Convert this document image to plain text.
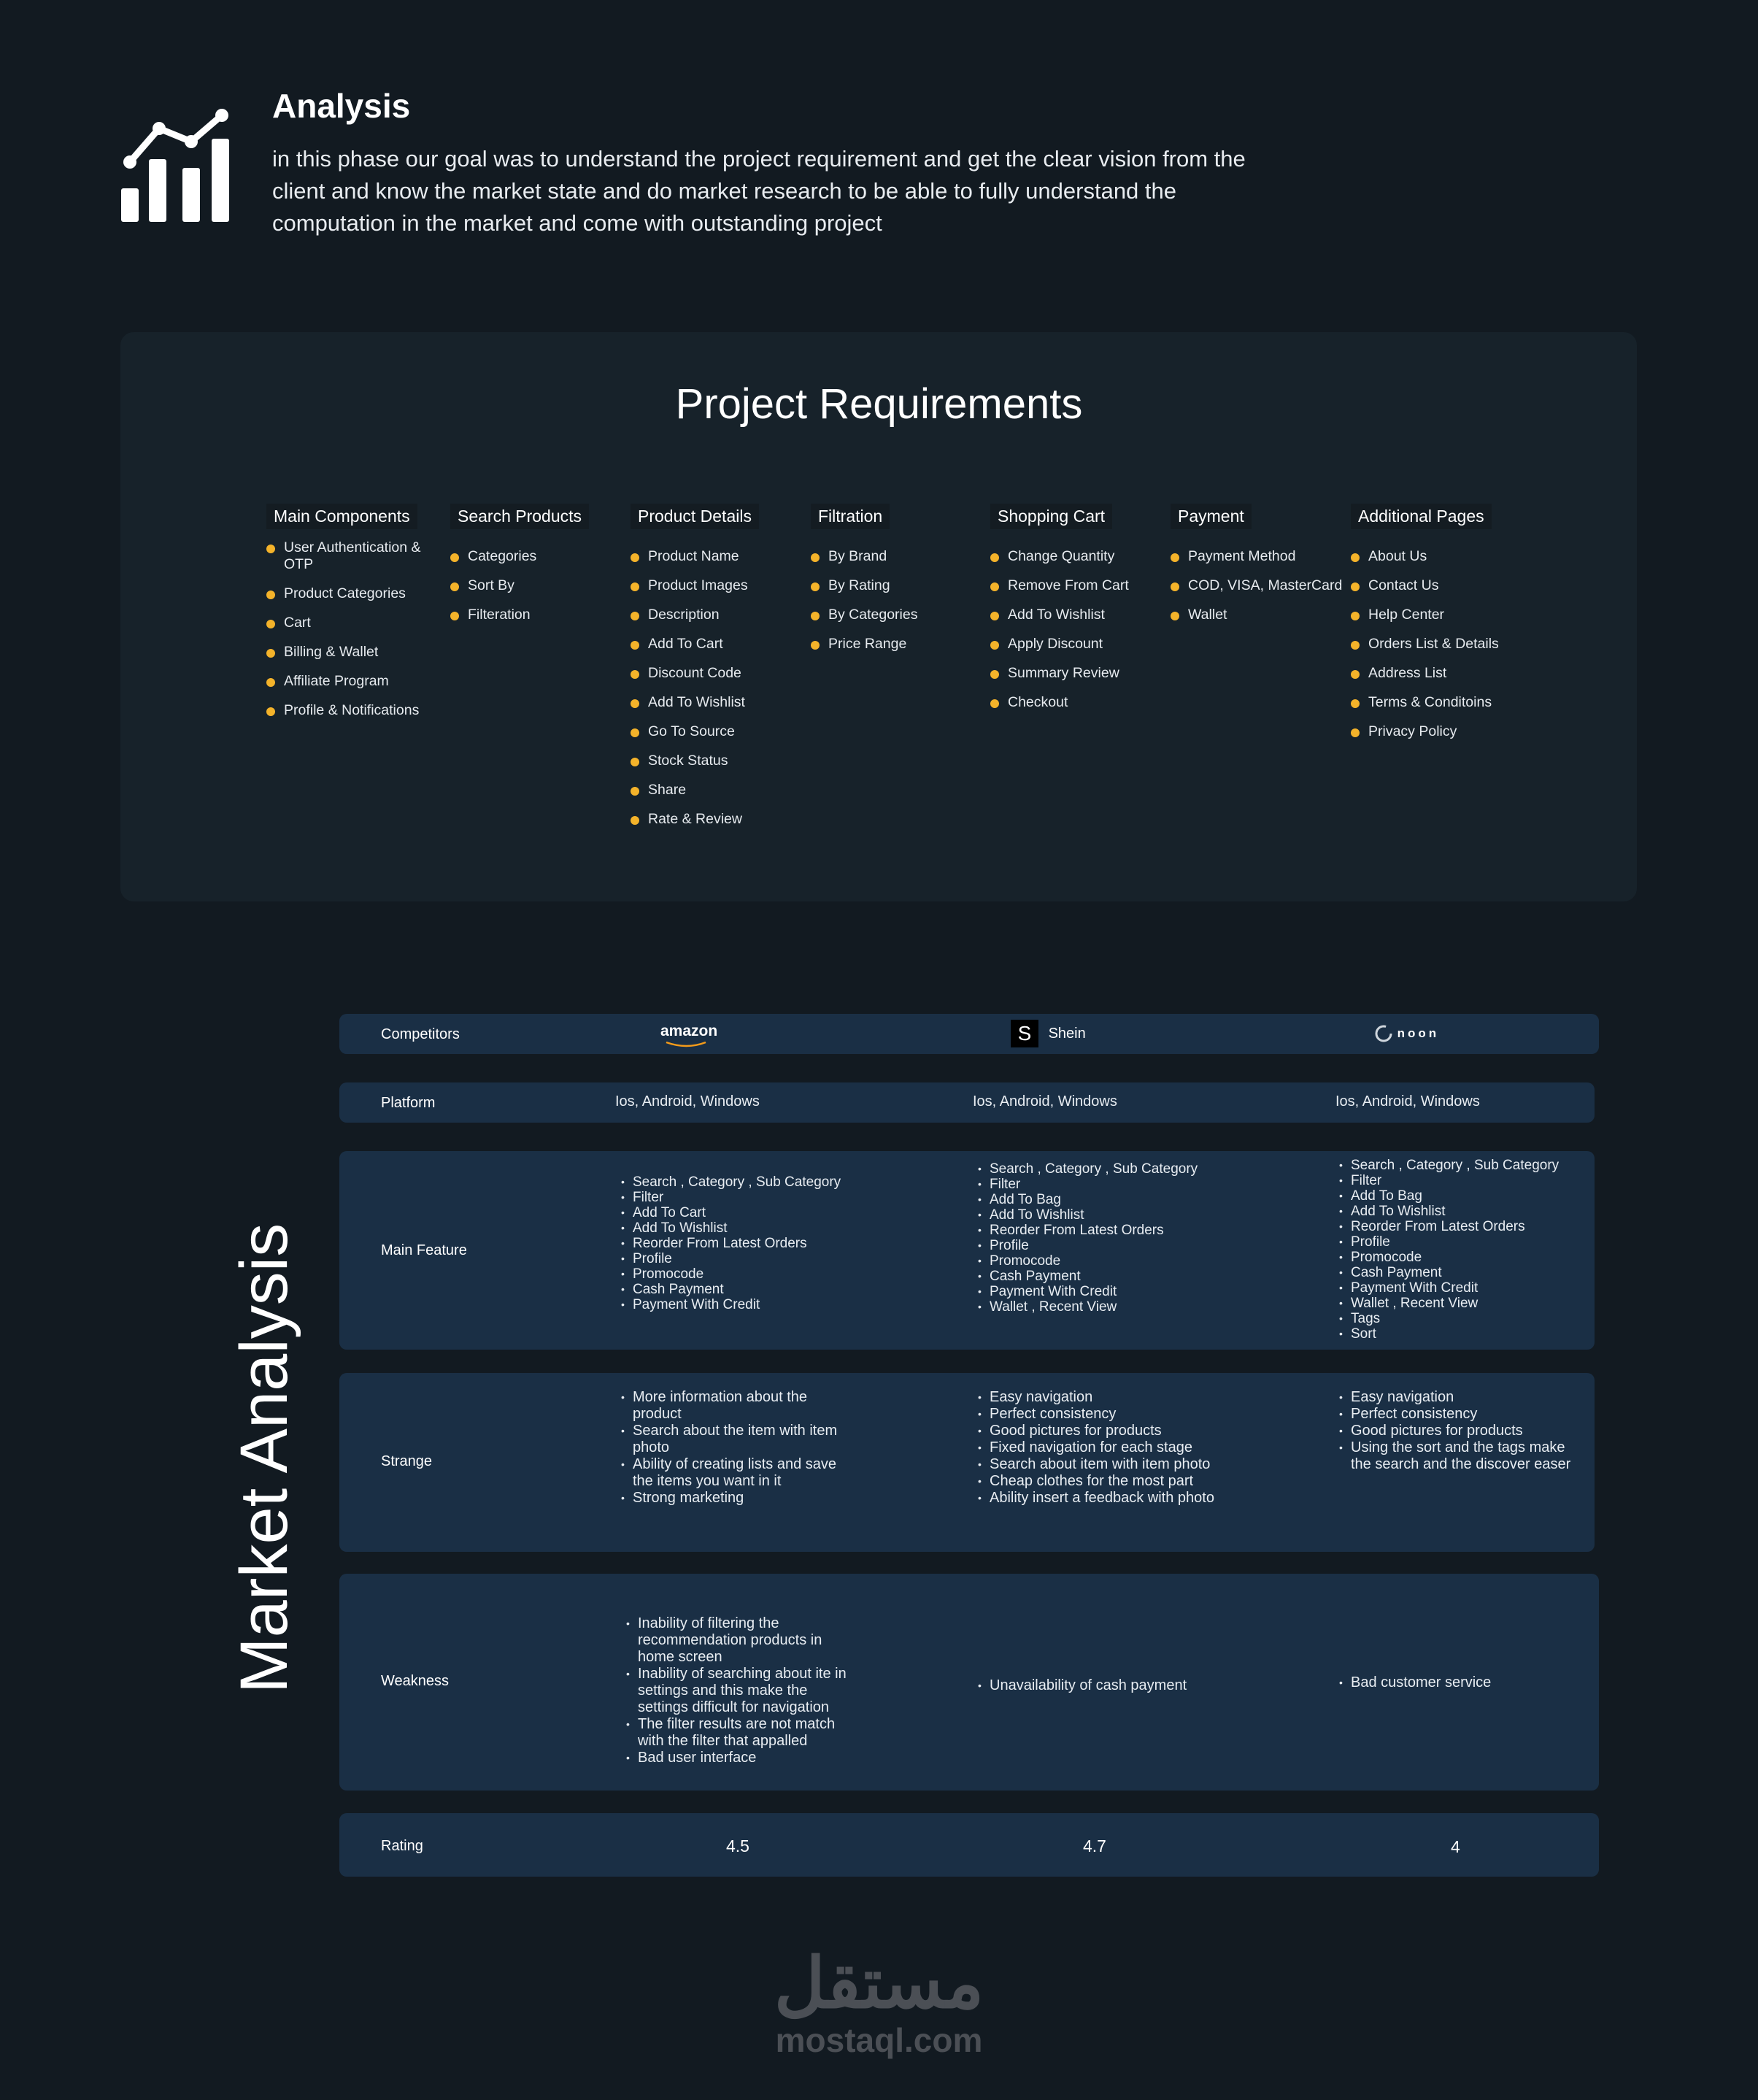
Analysis
in this phase our goal was to understand the project requirement and get the clear vision from the client and know the market state and do market research to be able to fully understand the computation in the market and come with outstanding project
Project Requirements
Main Components
User Authentication & OTP
Product Categories
Cart
Billing & Wallet
Affiliate Program
Profile & Notifications
Search Products
Categories
Sort By
Filteration
Product Details
Product Name
Product Images
Description
Add To Cart
Discount Code
Add To Wishlist
Go To Source
Stock Status
Share
Rate & Review
Filtration
By Brand
By Rating
By Categories
Price Range
Shopping Cart
Change Quantity
Remove From Cart
Add To Wishlist
Apply Discount
Summary Review
Checkout
Payment
Payment Method
COD, VISA, MasterCard
Wallet
Additional Pages
About Us
Contact Us
Help Center
Orders List & Details
Address List
Terms & Conditoins
Privacy Policy
Market Analysis
Competitors	amazon	S Shein	noon
Platform	Ios, Android, Windows	Ios, Android, Windows	Ios, Android, Windows
Main Feature
• Search , Category , Sub Category
• Filter
• Add To Cart
• Add To Wishlist
• Reorder From Latest Orders
• Profile
• Promocode
• Cash Payment
• Payment With Credit
• Search , Category , Sub Category
• Filter
• Add To Bag
• Add To Wishlist
• Reorder From Latest Orders
• Profile
• Promocode
• Cash Payment
• Payment With Credit
• Wallet , Recent View
• Search , Category , Sub Category
• Filter
• Add To Bag
• Add To Wishlist
• Reorder From Latest Orders
• Profile
• Promocode
• Cash Payment
• Payment With Credit
• Wallet , Recent View
• Tags
• Sort
Strange
• More information about the product
• Search about the item with item photo
• Ability of creating lists and save the items you want in it
• Strong marketing
• Easy navigation
• Perfect consistency
• Good pictures for products
• Fixed navigation for each stage
• Search about item with item photo
• Cheap clothes for the most part
• Ability insert a feedback with photo
• Easy navigation
• Perfect consistency
• Good pictures for products
• Using the sort and the tags make the search and the discover easer
Weakness
• Inability of filtering the recommendation products in home screen
• Inability of searching about ite in settings and this make the settings difficult for navigation
• The filter results are not match with the filter that appalled
• Bad user interface
• Unavailability of cash payment
•	Bad customer service
Rating	4.5	4.7	4
مستقل
mostaql.com
